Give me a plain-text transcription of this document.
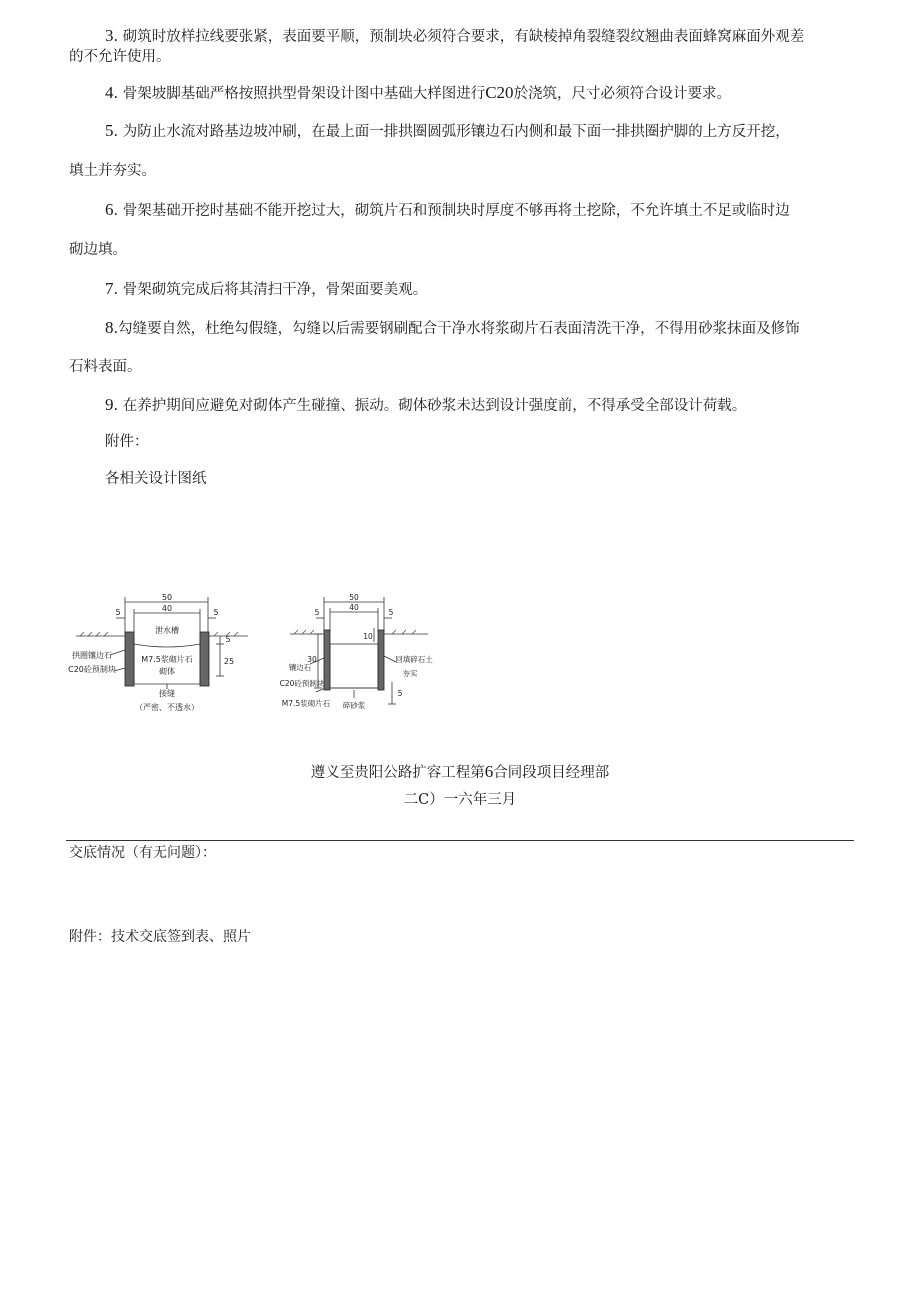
3. 砌筑时放样拉线要张紧，表面要平顺，预制块必须符合要求，有缺棱掉角裂缝裂纹翘曲表面蜂窝麻面外观差
的不允许使用。
4. 骨架坡脚基础严格按照拱型骨架设计图中基础大样图进行C20於浇筑，尺寸必须符合设计要求。
5. 为防止水流对路基边坡冲刷，在最上面一排拱圈圆弧形镶边石内侧和最下面一排拱圈护脚的上方反开挖，
填土并夯实。
6. 骨架基础开挖时基础不能开挖过大，砌筑片石和预制块时厚度不够再将土挖除，不允许填土不足或临时边
砌边填。
7. 骨架砌筑完成后将其清扫干净，骨架面要美观。
8.勾缝要自然，杜绝勾假缝，勾缝以后需要钢刷配合干净水将浆砌片石表面清洗干净，不得用砂浆抹面及修饰
石料表面。
9. 在养护期间应避免对砌体产生碰撞、振动。砌体砂浆未达到设计强度前，不得承受全部设计荷载。
附件：
各相关设计图纸
50
40
5	5
5
25
泄水槽
M7.5浆砌片石
砌体
拱圈镶边石
C20砼预制块
接缝
（严密、不透水）
50
40
5	5
10
30
5
镶边石
C20砼预制块
M7.5浆砌片石 碎砂浆
回填碎石土
夯实
遵义至贵阳公路扩容工程第6合同段项目经理部
二C）一六年三月
交底情况（有无问题）：
附件：技术交底签到表、照片
